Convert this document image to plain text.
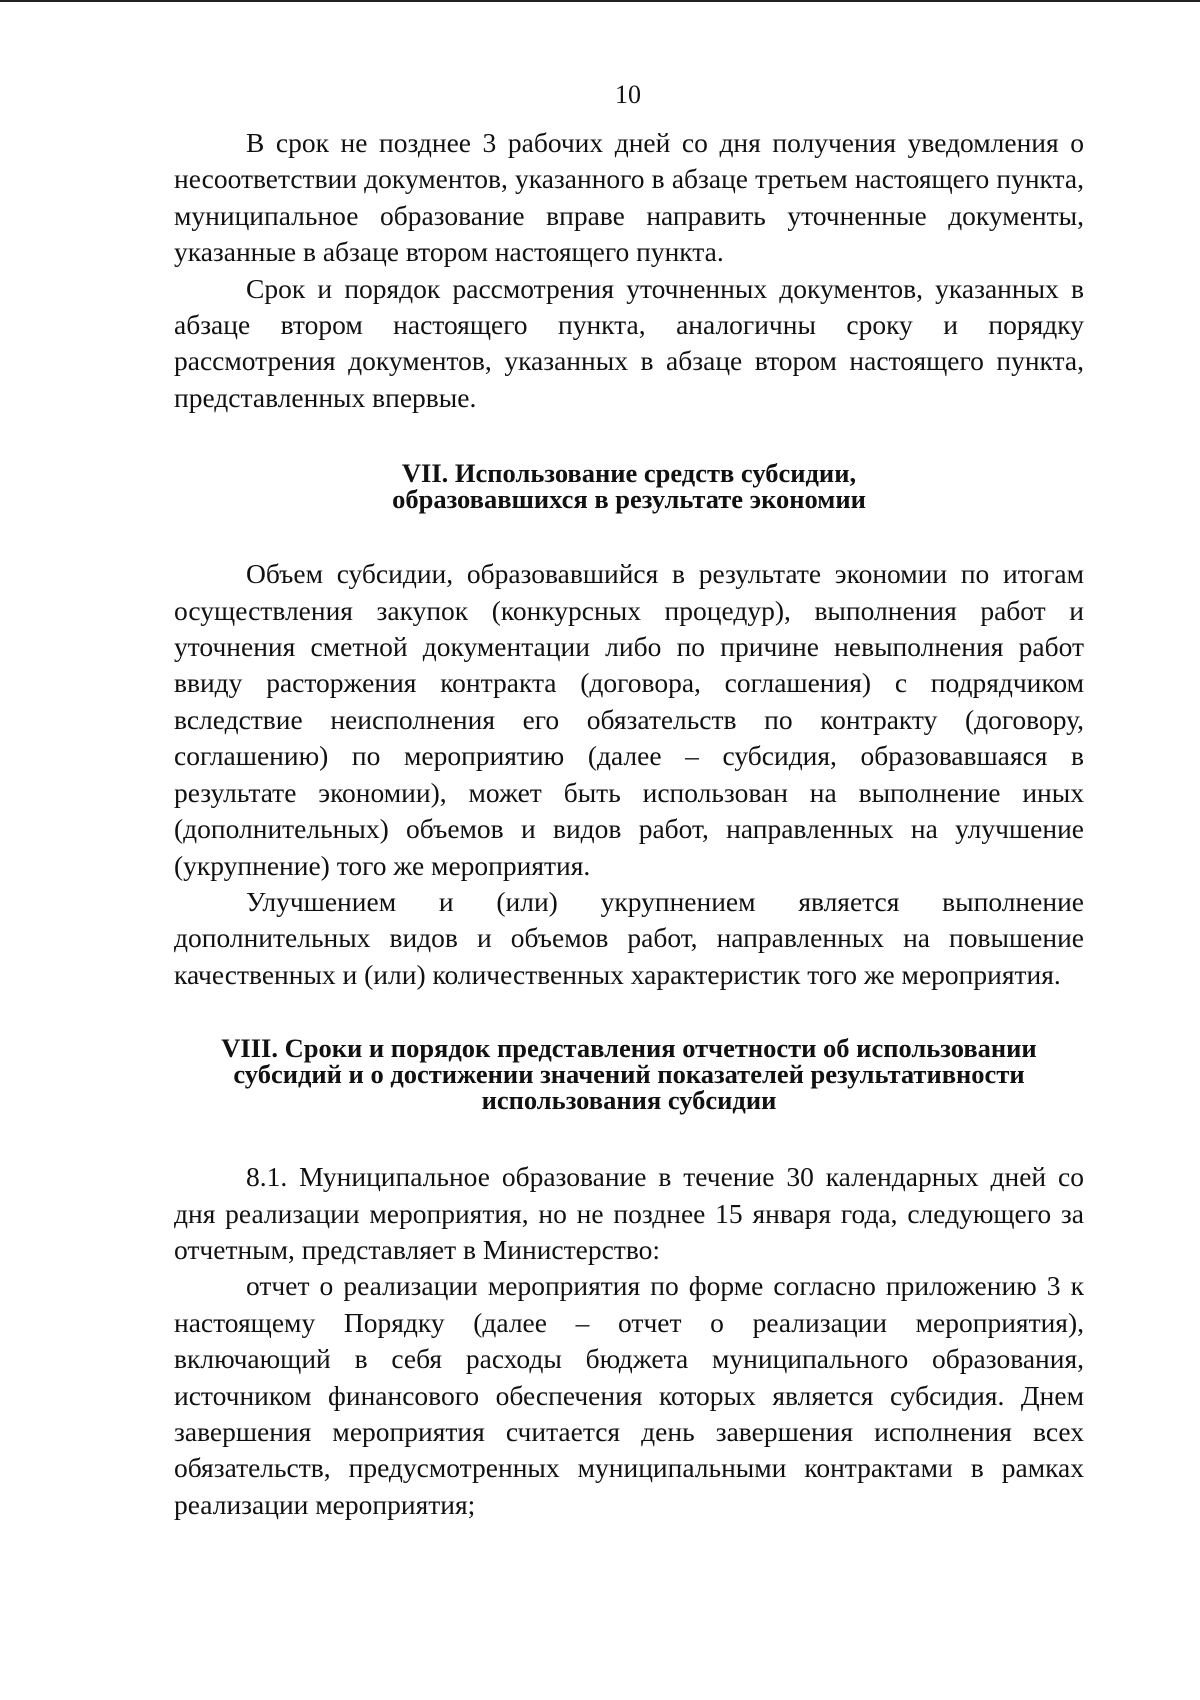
10

В срок не позднее 3 рабочих дней со дня получения уведомления о несоответствии документов, указанного в абзаце третьем настоящего пункта, муниципальное образование вправе направить уточненные документы, указанные в абзаце втором настоящего пункта.

Срок и порядок рассмотрения уточненных документов, указанных в абзаце втором настоящего пункта, аналогичны сроку и порядку рассмотрения документов, указанных в абзаце втором настоящего пункта, представленных впервые.

VII. Использование средств субсидии,
образовавшихся в результате экономии

Объем субсидии, образовавшийся в результате экономии по итогам осуществления закупок (конкурсных процедур), выполнения работ и уточнения сметной документации либо по причине невыполнения работ ввиду расторжения контракта (договора, соглашения) с подрядчиком вследствие неисполнения его обязательств по контракту (договору, соглашению) по мероприятию (далее – субсидия, образовавшаяся в результате экономии), может быть использован на выполнение иных (дополнительных) объемов и видов работ, направленных на улучшение (укрупнение) того же мероприятия.

Улучшением и (или) укрупнением является выполнение дополнительных видов и объемов работ, направленных на повышение качественных и (или) количественных характеристик того же мероприятия.

VIII. Сроки и порядок представления отчетности об использовании
субсидий и о достижении значений показателей результативности
использования субсидии

8.1. Муниципальное образование в течение 30 календарных дней со дня реализации мероприятия, но не позднее 15 января года, следующего за отчетным, представляет в Министерство:

отчет о реализации мероприятия по форме согласно приложению 3 к настоящему Порядку (далее – отчет о реализации мероприятия), включающий в себя расходы бюджета муниципального образования, источником финансового обеспечения которых является субсидия. Днем завершения мероприятия считается день завершения исполнения всех обязательств, предусмотренных муниципальными контрактами в рамках реализации мероприятия;
